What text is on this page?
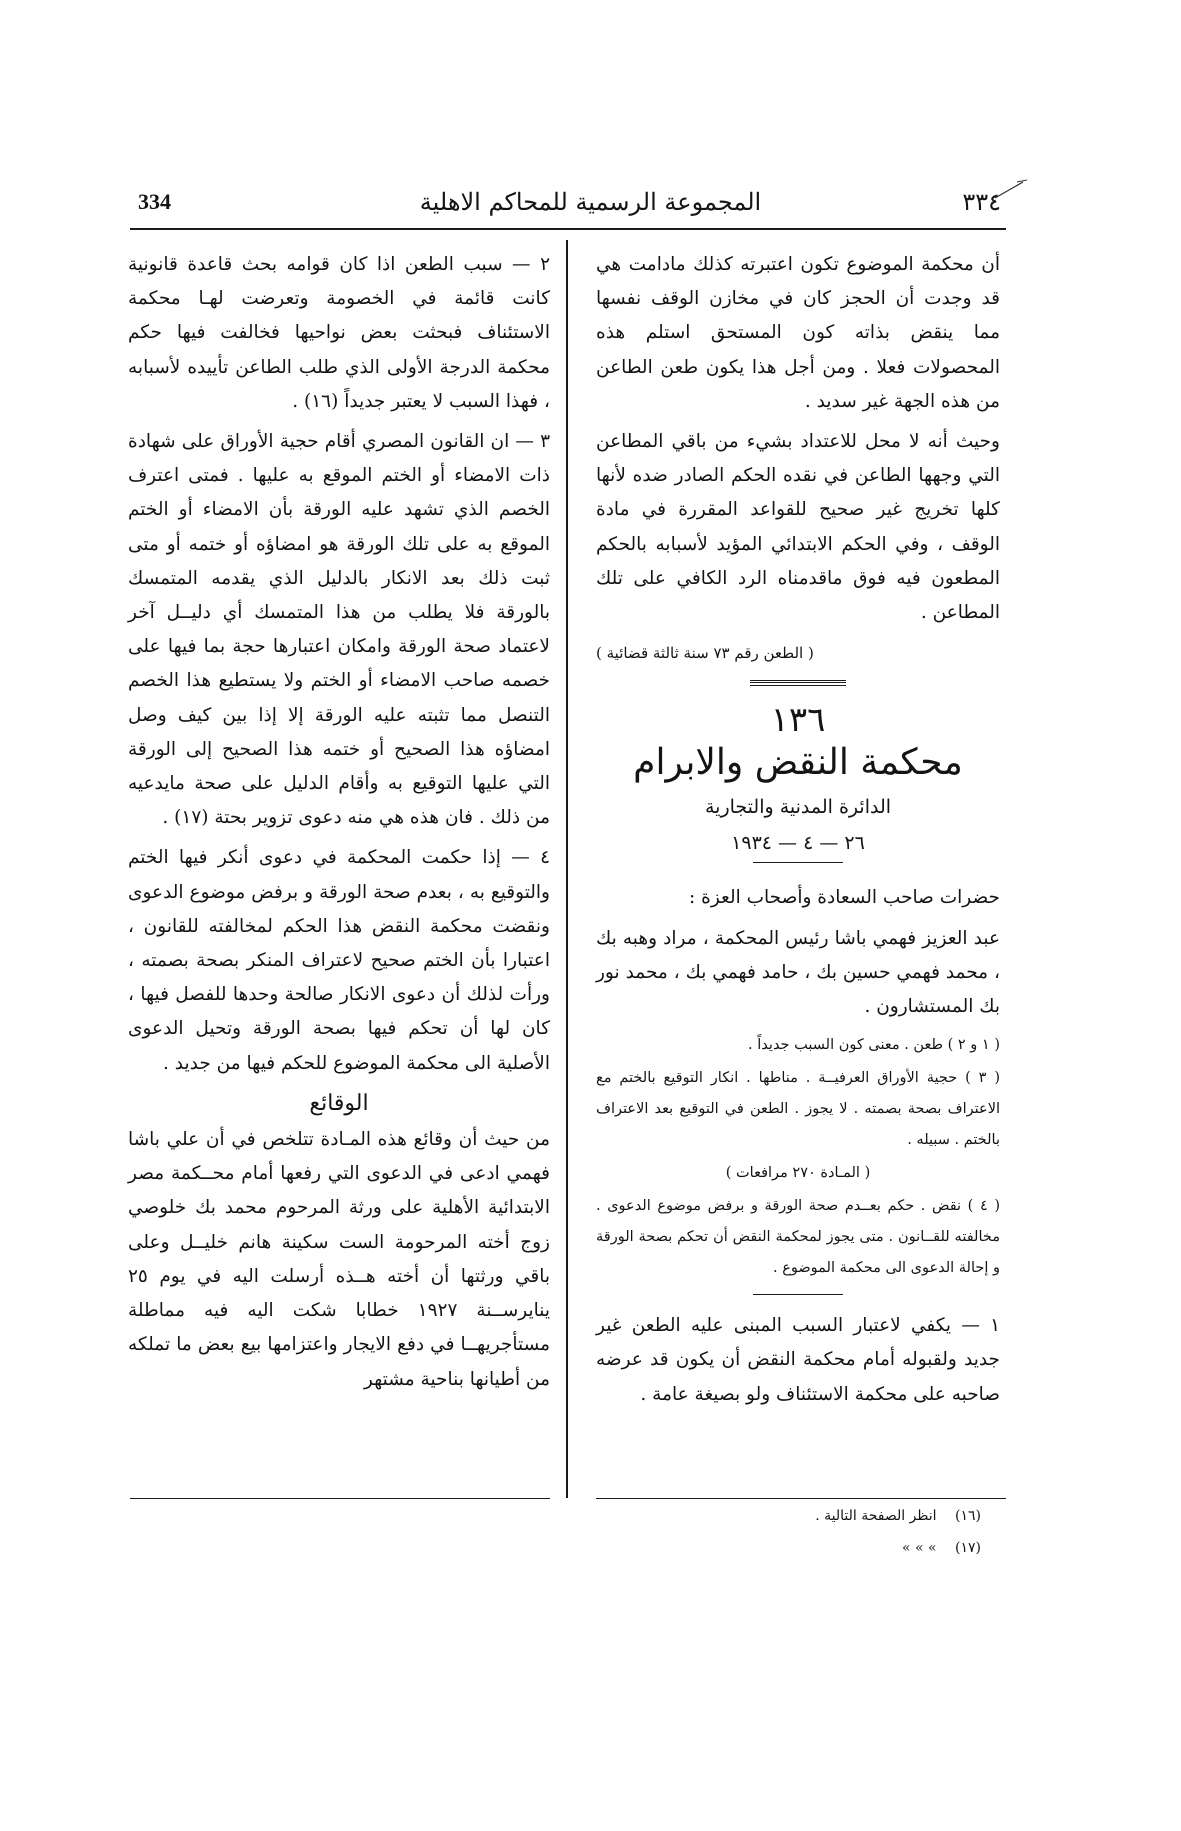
334	المجموعة الرسمية للمحاكم الاهلية	٣٣٤

أن محكمة الموضوع تكون اعتبرته كذلك مادامت هي قد وجدت أن الحجز كان في مخازن الوقف نفسها مما ينقض بذاته كون المستحق استلم هذه المحصولات فعلا . ومن أجل هذا يكون طعن الطاعن من هذه الجهة غير سديد .

وحيث أنه لا محل للاعتداد بشيء من باقي المطاعن التي وجهها الطاعن في نقده الحكم الصادر ضده لأنها كلها تخريج غير صحيح للقواعد المقررة في مادة الوقف ، وفي الحكم الابتدائي المؤيد لأسبابه بالحكم المطعون فيه فوق ماقدمناه الرد الكافي على تلك المطاعن .

( الطعن رقم ٧٣ سنة ثالثة قضائية )

١٣٦

محكمة النقض والابرام

الدائرة المدنية والتجارية

٢٦ — ٤ — ١٩٣٤

حضرات صاحب السعادة وأصحاب العزة :

عبد العزيز فهمي باشا رئيس المحكمة ، مراد وهبه بك ، محمد فهمي حسين بك ، حامد فهمي بك ، محمد نور بك المستشارون .

( ١ و ٢ ) طعن . معنى كون السبب جديداً .

( ٣ ) حجية الأوراق العرفيــة . مناطها . انكار التوقيع بالختم مع الاعتراف بصحة بصمته . لا يجوز . الطعن في التوقيع بعد الاعتراف بالختم . سبيله .

( المـادة ٢٧٠ مرافعات )

( ٤ ) نقض . حكم بعــدم صحة الورقة و برفض موضوع الدعوى . مخالفته للقــانون . متى يجوز لمحكمة النقض أن تحكم بصحة الورقة و إحالة الدعوى الى محكمة الموضوع .

١ — يكفي لاعتبار السبب المبنى عليه الطعن غير جديد ولقبوله أمام محكمة النقض أن يكون قد عرضه صاحبه على محكمة الاستئناف ولو بصيغة عامة .

٢ — سبب الطعن اذا كان قوامه بحث قاعدة قانونية كانت قائمة في الخصومة وتعرضت لهـا محكمة الاستئناف فبحثت بعض نواحيها فخالفت فيها حكم محكمة الدرجة الأولى الذي طلب الطاعن تأييده لأسبابه ، فهذا السبب لا يعتبر جديداً (١٦) .

٣ — ان القانون المصري أقام حجية الأوراق على شهادة ذات الامضاء أو الختم الموقع به عليها . فمتى اعترف الخصم الذي تشهد عليه الورقة بأن الامضاء أو الختم الموقع به على تلك الورقة هو امضاؤه أو ختمه أو متى ثبت ذلك بعد الانكار بالدليل الذي يقدمه المتمسك بالورقة فلا يطلب من هذا المتمسك أي دليــل آخر لاعتماد صحة الورقة وامكان اعتبارها حجة بما فيها على خصمه صاحب الامضاء أو الختم ولا يستطيع هذا الخصم التنصل مما تثبته عليه الورقة إلا إذا بين كيف وصل امضاؤه هذا الصحيح أو ختمه هذا الصحيح إلى الورقة التي عليها التوقيع به وأقام الدليل على صحة مايدعيه من ذلك . فان هذه هي منه دعوى تزوير بحتة (١٧) .

٤ — إذا حكمت المحكمة في دعوى أنكر فيها الختم والتوقيع به ، بعدم صحة الورقة و برفض موضوع الدعوى ونقضت محكمة النقض هذا الحكم لمخالفته للقانون ، اعتبارا بأن الختم صحيح لاعتراف المنكر بصحة بصمته ، ورأت لذلك أن دعوى الانكار صالحة وحدها للفصل فيها ، كان لها أن تحكم فيها بصحة الورقة وتحيل الدعوى الأصلية الى محكمة الموضوع للحكم فيها من جديد .

الوقائع

من حيث أن وقائع هذه المـادة تتلخص في أن علي باشا فهمي ادعى في الدعوى التي رفعها أمام محــكمة مصر الابتدائية الأهلية على ورثة المرحوم محمد بك خلوصي زوج أخته المرحومة الست سكينة هانم خليــل وعلى باقي ورثتها أن أخته هــذه أرسلت اليه في يوم ٢٥ ينايرســنة ١٩٢٧ خطابا شكت اليه فيه مماطلة مستأجريهــا في دفع الايجار واعتزامها بيع بعض ما تملكه من أطيانها بناحية مشتهر

(١٦) انظر الصفحة التالية .
(١٧) » » »
